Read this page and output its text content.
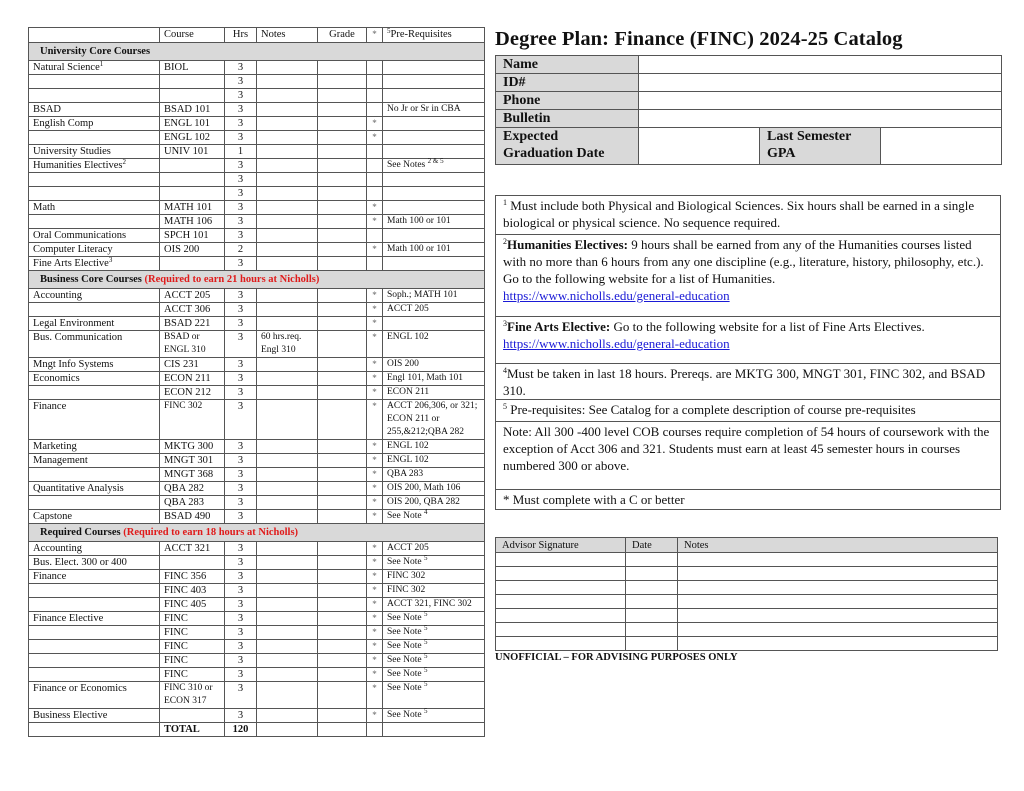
	Course	Hrs	Notes	Grade	*	$^5$Pre-Requisites
University Core Courses						
Natural Science$^1$	BIOL	3				
		3				
		3				
BSAD	BSAD 101	3				No Jr or Sr in CBA
English Comp	ENGL 101	3			*	
	ENGL 102	3			*	
University Studies	UNIV 101	1				
Humanities Electives$^2$		3				See Notes $^{2 \& 5}$
		3				
		3				
Math	MATH 101	3			*	
	MATH 106	3			*	Math 100 or 101
Oral Communications	SPCH 101	3				
Computer Literacy	OIS 200	2			*	Math 100 or 101
Fine Arts Elective$^3$		3				
Business Core Courses (Required to earn 21 hours at Nicholls)						
Accounting	ACCT 205	3			*	Soph.; MATH 101
	ACCT 306	3			*	ACCT 205
Legal Environment	BSAD 221	3			*	
Bus. Communication	BSAD or ENGL 310	3	60 hrs.req. Engl 310		*	ENGL 102
Mngt Info Systems	CIS 231	3			*	OIS 200
Economics	ECON 211	3			*	Engl 101, Math 101
	ECON 212	3			*	ECON 211
Finance	FINC 302	3			*	ACCT 206,306, or 321; ECON 211 or 255,&212;QBA 282
Marketing	MKTG 300	3			*	ENGL 102
Management	MNGT 301	3			*	ENGL 102
	MNGT 368	3			*	QBA 283
Quantitative Analysis	QBA 282	3			*	OIS 200, Math 106
	QBA 283	3			*	OIS 200, QBA 282
Capstone	BSAD 490	3			*	See Note $^4$
Required Courses (Required to earn 18 hours at Nicholls)						
Accounting	ACCT 321	3			*	ACCT 205
Bus. Elect. 300 or 400		3			*	See Note $^5$
Finance	FINC 356	3			*	FINC 302
	FINC 403	3			*	FINC 302
	FINC 405	3			*	ACCT 321, FINC 302
Finance Elective	FINC	3			*	See Note $^5$
	FINC	3			*	See Note $^5$
	FINC	3			*	See Note $^5$
	FINC	3			*	See Note $^5$
	FINC	3			*	See Note $^5$
Finance or Economics	FINC 310 or ECON 317	3			*	See Note $^5$
Business Elective		3			*	See Note $^5$
	TOTAL	120				
Degree Plan: Finance (FINC) 2024-25 Catalog
Name			
ID#			
Phone			
Bulletin			
Expected Graduation Date		Last Semester GPA	
$^1$ Must include both Physical and Biological Sciences. Six hours shall be earned in a single biological or physical science. No sequence required.
$^2$Humanities Electives: 9 hours shall be earned from any of the Humanities courses listed with no more than 6 hours from any one discipline (e.g., literature, history, philosophy, etc.). Go to the following website for a list of Humanities.
https://www.nicholls.edu/general-education
$^3$Fine Arts Elective: Go to the following website for a list of Fine Arts Electives.
https://www.nicholls.edu/general-education
$^4$Must be taken in last 18 hours. Prereqs. are MKTG 300, MNGT 301, FINC 302, and BSAD 310.
$^5$ Pre-requisites: See Catalog for a complete description of course pre-requisites
Note: All 300 -400 level COB courses require completion of 54 hours of coursework with the exception of Acct 306 and 321. Students must earn at least 45 semester hours in courses numbered 300 or above.
* Must complete with a C or better
Advisor Signature	Date	Notes

UNOFFICIAL – FOR ADVISING PURPOSES ONLY
